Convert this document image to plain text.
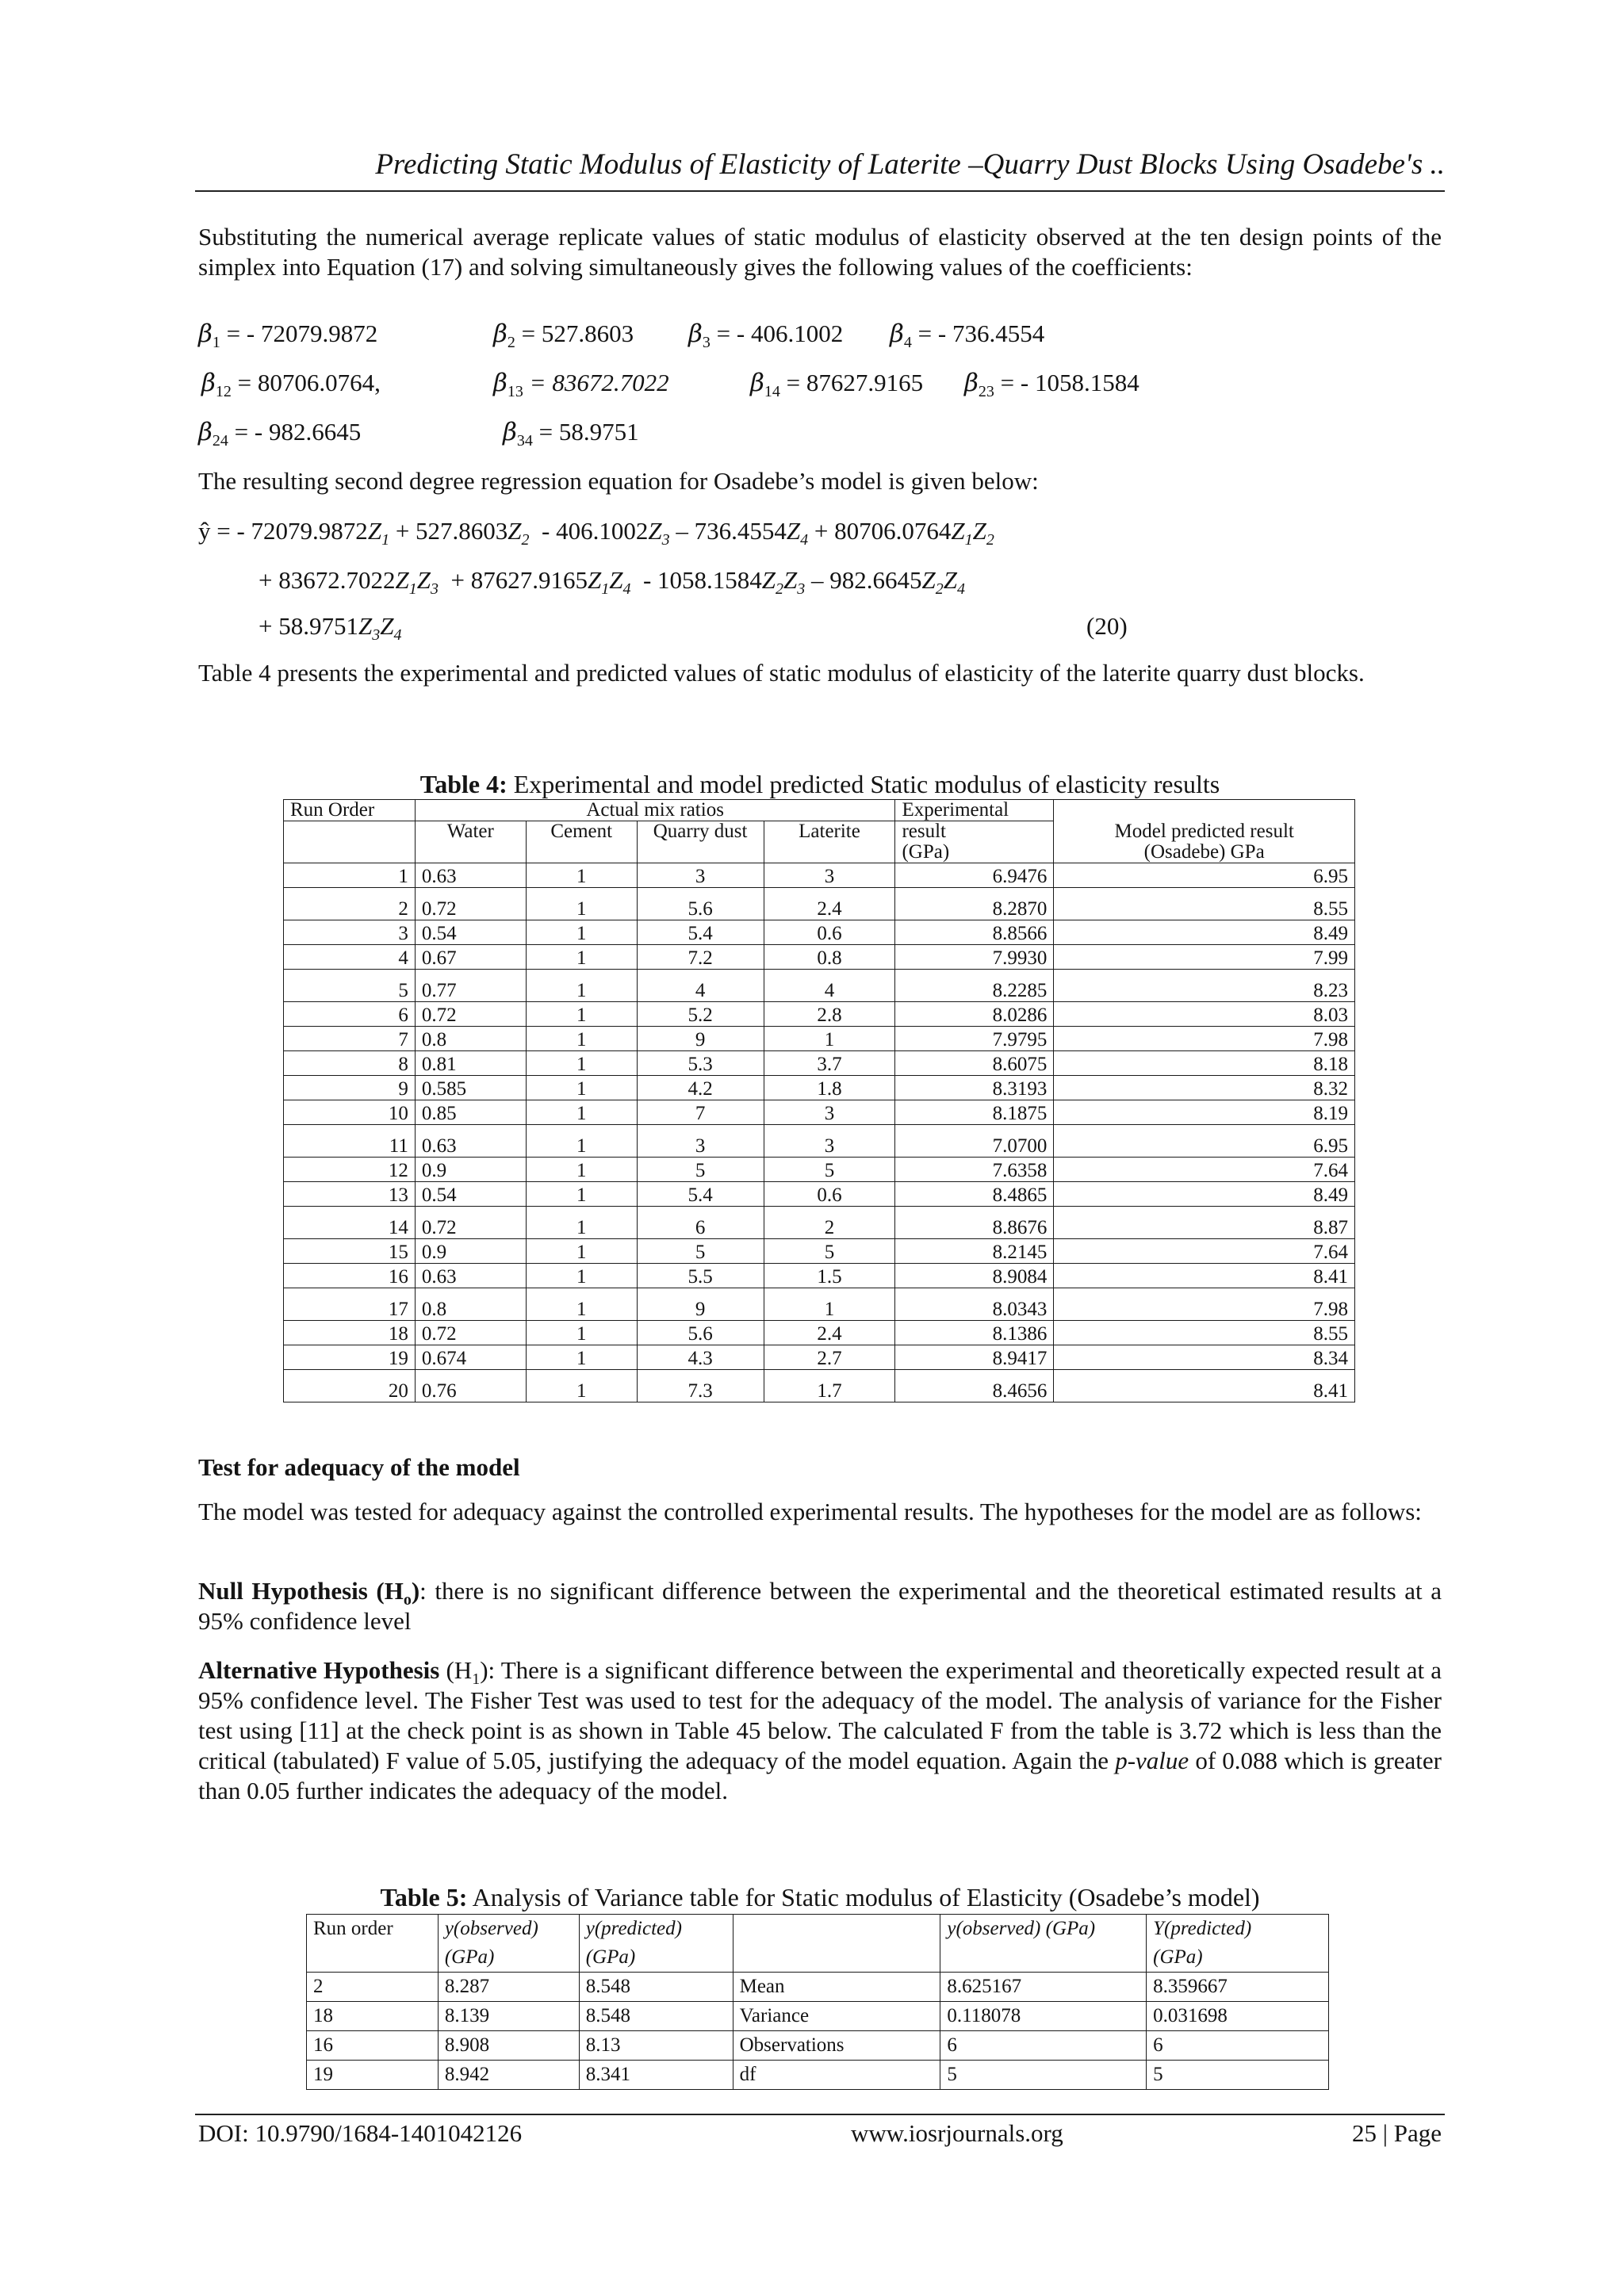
Predicting Static Modulus of Elasticity of Laterite –Quarry Dust Blocks Using Osadebe's ..
Substituting the numerical average replicate values of static modulus of elasticity observed at the ten design points of the simplex into Equation (17) and solving simultaneously gives the following values of the coefficients:
$\beta_1$ = - 72079.9872	$\beta_2 = 527.8603$ $\beta_3$ = - 406.1002 $\beta_4$ = - 736.4554
$\beta_{12} = 80706.0764$,	$\beta_{13} = 83672.7022$	$\beta_{14} = 87627.9165$ $\beta_{23}$ = - 1058.1584
$\beta_{24}$ = - 982.6645	$\beta_{34} = 58.9751$
The resulting second degree regression equation for Osadebe’s model is given below:
ŷ = - $72079.9872Z_1 + 527.8603Z_2 - 406.1002Z_3 - 736.4554Z_4 + 80706.0764Z_1Z_2$
+ $83672.7022Z_1Z_3 + 87627.9165Z_1Z_4 - 1058.1584Z_2Z_3 - 982.6645Z_2Z_4$
+ $58.9751Z_3Z_4$	(20)
Table 4 presents the experimental and predicted values of static modulus of elasticity of the laterite quarry dust blocks.
Table 4: Experimental and model predicted Static modulus of elasticity results
Run Order	Actual mix ratios				Experimental	
	Water	Cement	Quarry dust	Laterite	result	Model predicted result
					(GPa)	(Osadebe) GPa
1	0.63	1	3	3	6.9476	6.95
2	0.72	1	5.6	2.4	8.2870	8.55
3	0.54	1	5.4	0.6	8.8566	8.49
4	0.67	1	7.2	0.8	7.9930	7.99
5	0.77	1	4	4	8.2285	8.23
6	0.72	1	5.2	2.8	8.0286	8.03
7	0.8	1	9	1	7.9795	7.98
8	0.81	1	5.3	3.7	8.6075	8.18
9	0.585	1	4.2	1.8	8.3193	8.32
10	0.85	1	7	3	8.1875	8.19
11	0.63	1	3	3	7.0700	6.95
12	0.9	1	5	5	7.6358	7.64
13	0.54	1	5.4	0.6	8.4865	8.49
14	0.72	1	6	2	8.8676	8.87
15	0.9	1	5	5	8.2145	7.64
16	0.63	1	5.5	1.5	8.9084	8.41
17	0.8	1	9	1	8.0343	7.98
18	0.72	1	5.6	2.4	8.1386	8.55
19	0.674	1	4.3	2.7	8.9417	8.34
20	0.76	1	7.3	1.7	8.4656	8.41
Test for adequacy of the model
The model was tested for adequacy against the controlled experimental results. The hypotheses for the model are as follows:
Null Hypothesis $(H_o)$: there is no significant difference between the experimental and the theoretical estimated results at a 95% confidence level
Alternative Hypothesis $(H_1)$: There is a significant difference between the experimental and theoretically expected result at a 95% confidence level. The Fisher Test was used to test for the adequacy of the model. The analysis of variance for the Fisher test using [11] at the check point is as shown in Table 45 below. The calculated F from the table is 3.72 which is less than the critical (tabulated) F value of 5.05, justifying the adequacy of the model equation. Again the p-value of 0.088 which is greater than 0.05 further indicates the adequacy of the model.
Table 5: Analysis of Variance table for Static modulus of Elasticity (Osadebe’s model)
Run order	y(observed)	y(predicted)		y(observed) (GPa)	Y(predicted)
	(GPa)	(GPa)			(GPa)
2	8.287	8.548	Mean	8.625167	8.359667
18	8.139	8.548	Variance	0.118078	0.031698
16	8.908	8.13	Observations	6	6
19	8.942	8.341	df	5	5
DOI: 10.9790/1684-1401042126	www.iosrjournals.org	25 | Page
